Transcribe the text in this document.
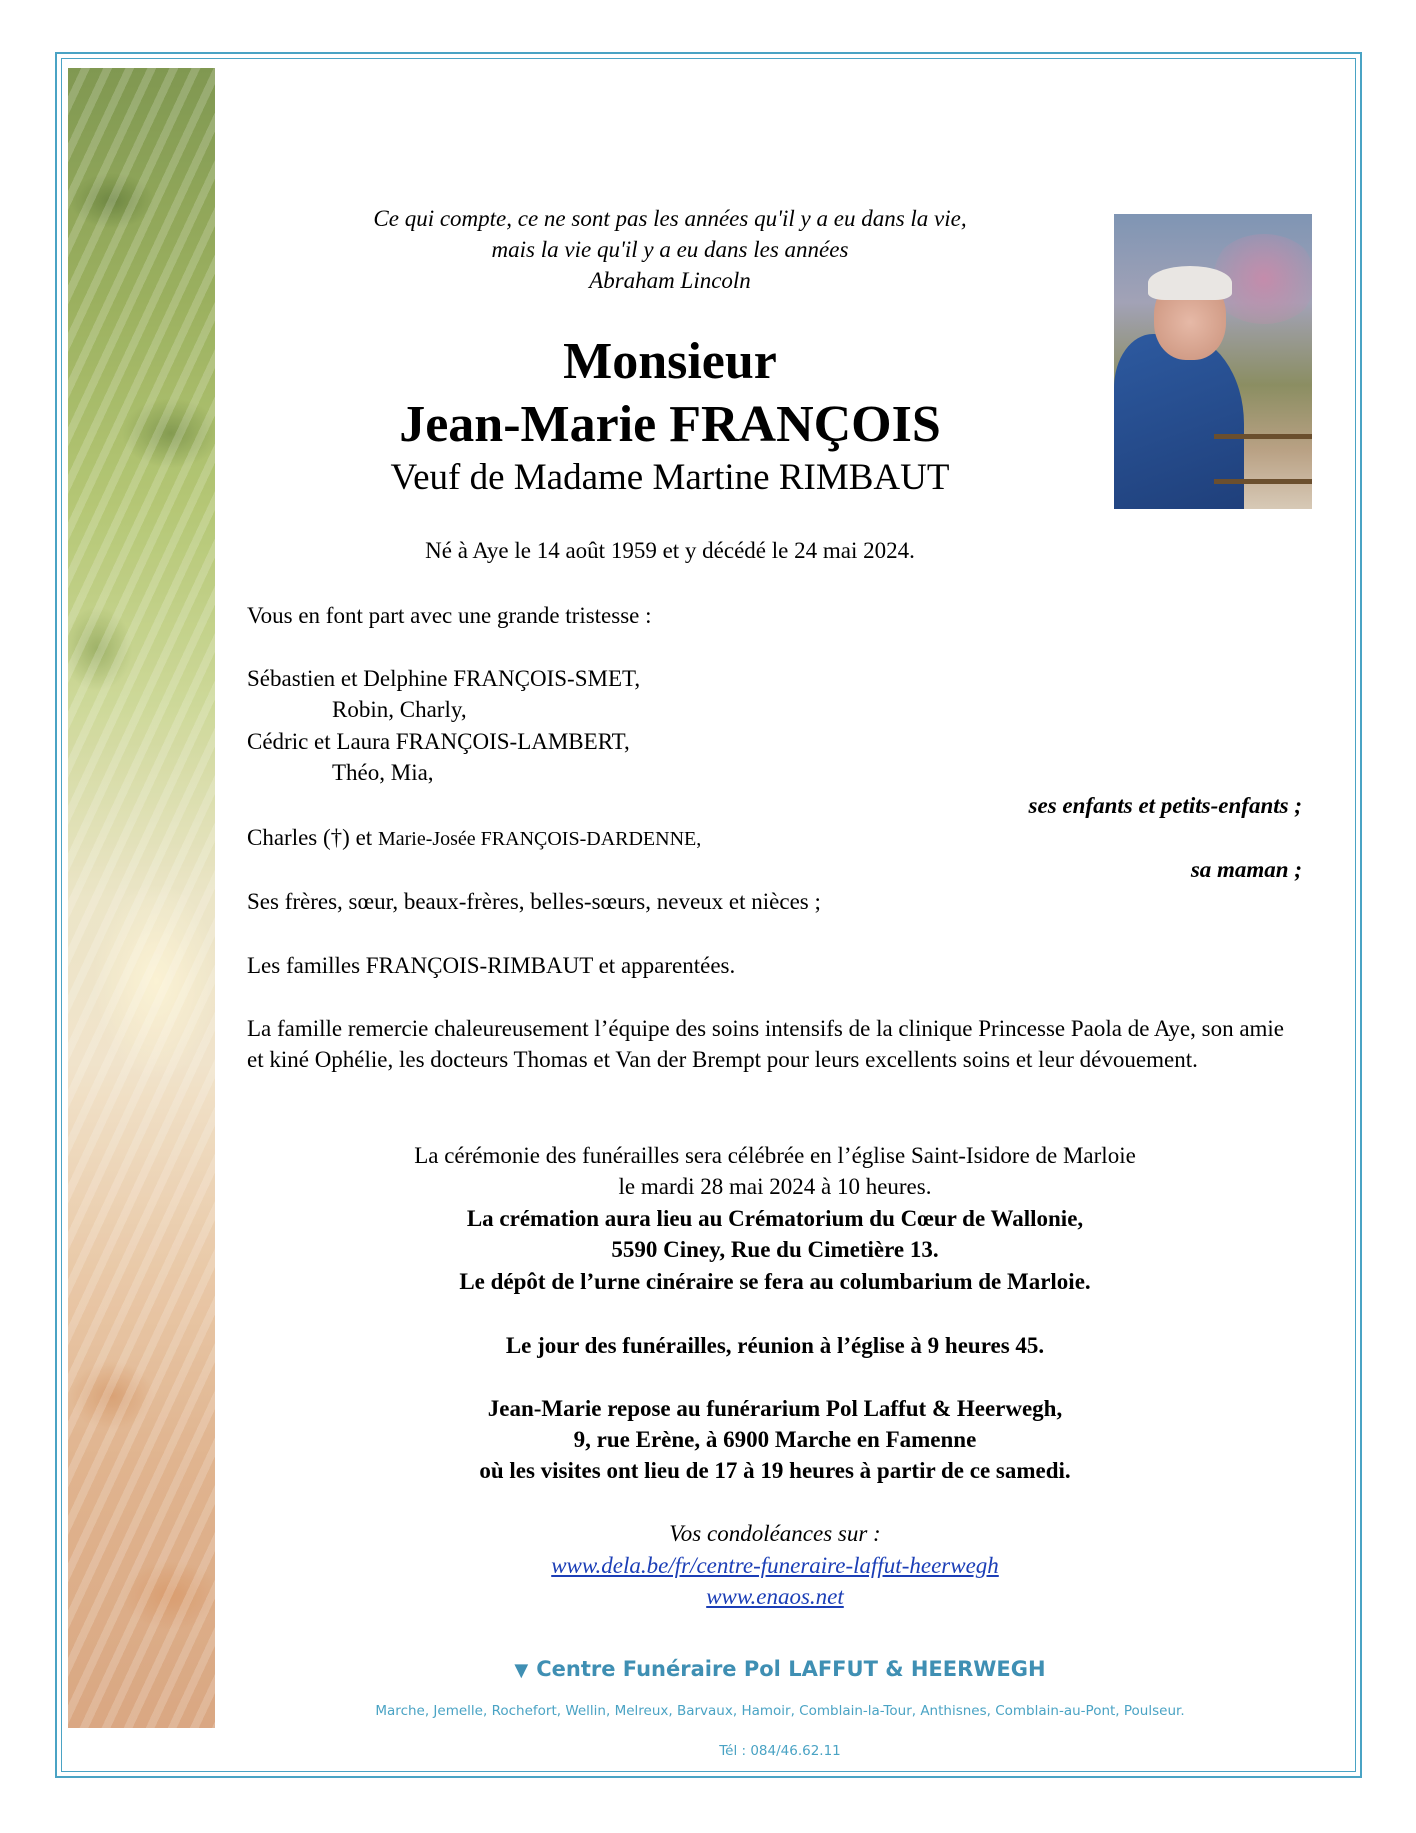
Ce qui compte, ce ne sont pas les années qu'il y a eu dans la vie,
mais la vie qu'il y a eu dans les années
Abraham Lincoln
Monsieur
Jean-Marie FRANÇOIS
Veuf de Madame Martine RIMBAUT
Né à Aye le 14 août 1959 et y décédé le 24 mai 2024.
Vous en font part avec une grande tristesse :
Sébastien et Delphine FRANÇOIS-SMET,
Robin, Charly,
Cédric et Laura FRANÇOIS-LAMBERT,
Théo, Mia,
ses enfants et petits-enfants ;
Charles (†) et Marie-Josée FRANÇOIS-DARDENNE,
sa maman ;
Ses frères, sœur, beaux-frères, belles-sœurs, neveux et nièces ;
Les familles FRANÇOIS-RIMBAUT et apparentées.
La famille remercie chaleureusement l’équipe des soins intensifs de la clinique Princesse Paola de Aye, son amie et kiné Ophélie, les docteurs Thomas et Van der Brempt pour leurs excellents soins et leur dévouement.
La cérémonie des funérailles sera célébrée en l’église Saint-Isidore de Marloie
le mardi 28 mai 2024 à 10 heures.
La crémation aura lieu au Crématorium du Cœur de Wallonie,
5590 Ciney, Rue du Cimetière 13.
Le dépôt de l’urne cinéraire se fera au columbarium de Marloie.
Le jour des funérailles, réunion à l’église à 9 heures 45.
Jean-Marie repose au funérarium Pol Laffut & Heerwegh,
9, rue Erène, à 6900 Marche en Famenne
où les visites ont lieu de 17 à 19 heures à partir de ce samedi.
Vos condoléances sur :
www.dela.be/fr/centre-funeraire-laffut-heerwegh
www.enaos.net
▼ Centre Funéraire Pol LAFFUT & HEERWEGH
Marche, Jemelle, Rochefort, Wellin, Melreux, Barvaux, Hamoir, Comblain-la-Tour, Anthisnes, Comblain-au-Pont, Poulseur.
Tél : 084/46.62.11
